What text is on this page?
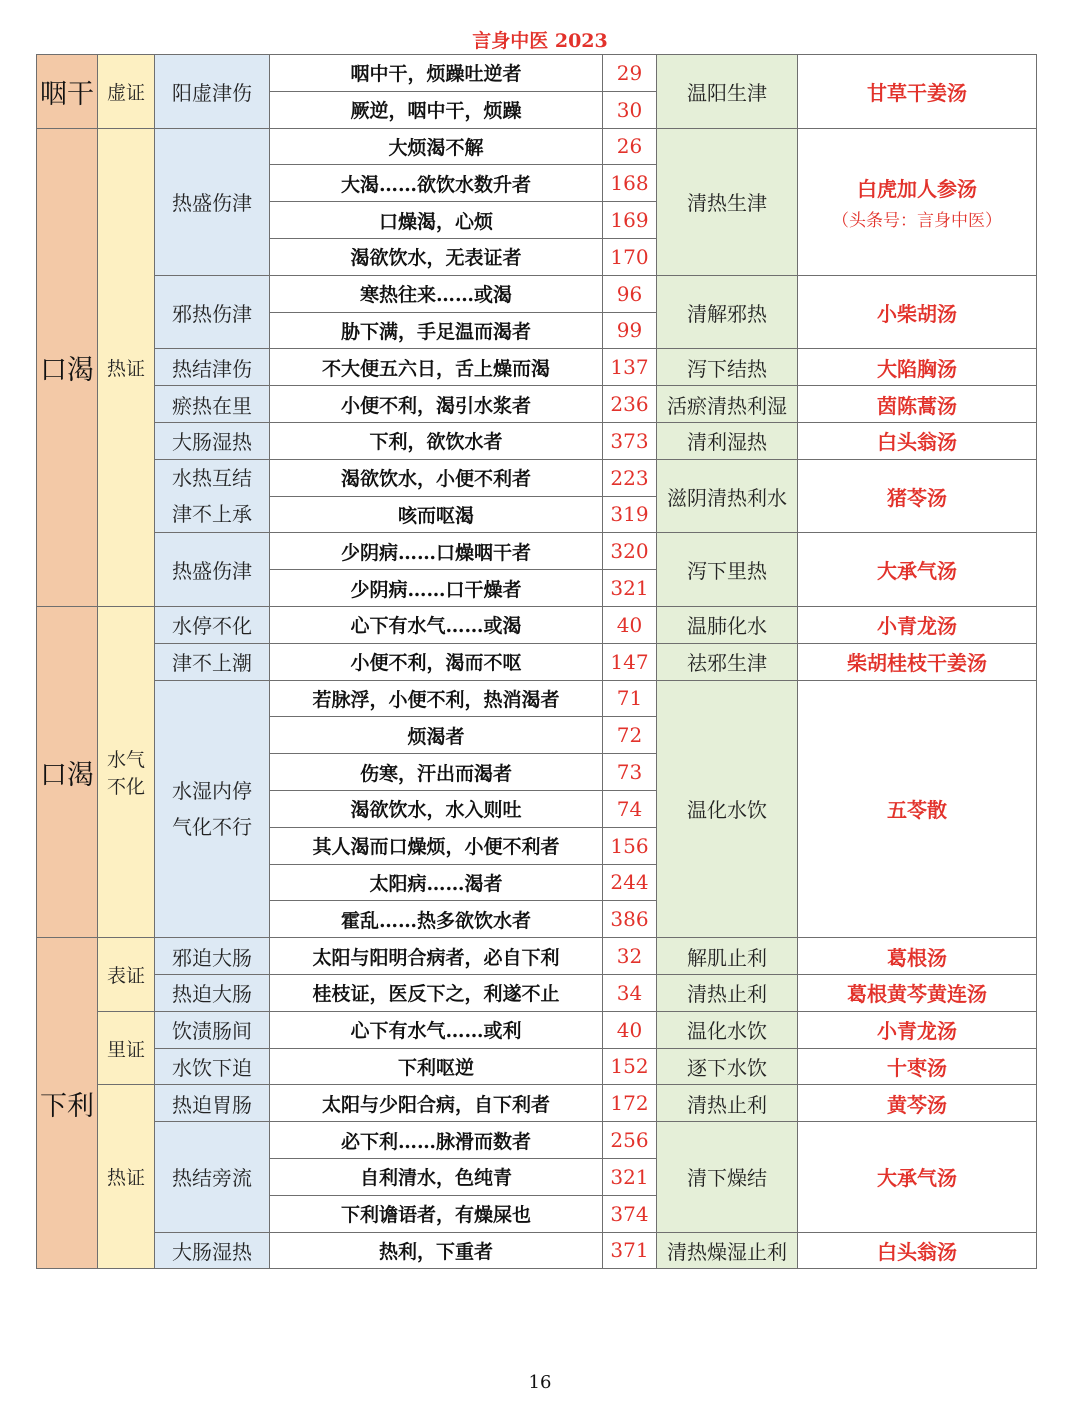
言身中医 2023
咽干	虚证	阳虚津伤	咽中干，烦躁吐逆者	29	温阳生津	甘草干姜汤
			厥逆，咽中干，烦躁	30		
口渴	热证	热盛伤津	大烦渴不解	26	清热生津	白虎加人参汤
（头条号：言身中医）

			大渴……欲饮水数升者	168		
			口燥渴，心烦	169		
			渴欲饮水，无表证者	170		
		邪热伤津	寒热往来……或渴	96	清解邪热	小柴胡汤
			胁下满，手足温而渴者	99		
		热结津伤	不大便五六日，舌上燥而渴	137	泻下结热	大陷胸汤
		瘀热在里	小便不利，渴引水浆者	236	活瘀清热利湿	茵陈蒿汤
		大肠湿热	下利，欲饮水者	373	清利湿热	白头翁汤

		水热互结
津不上承	渴欲饮水，小便不利者	223	滋阴清热利水	猪苓汤
			咳而呕渴	319		
		热盛伤津	少阴病……口燥咽干者	320	泻下里热	大承气汤
			少阴病……口干燥者	321		
口渴	水气
不化	水停不化	心下有水气……或渴	40	温肺化水	小青龙汤
		津不上潮	小便不利，渴而不呕	147	祛邪生津	柴胡桂枝干姜汤

		水湿内停
气化不行	若脉浮，小便不利，热消渴者	71	温化水饮	五苓散
			烦渴者	72		
			伤寒，汗出而渴者	73		
			渴欲饮水，水入则吐	74		
			其人渴而口燥烦，小便不利者	156		
			太阳病……渴者	244		
			霍乱……热多欲饮水者	386		
下利	表证	邪迫大肠	太阳与阳明合病者，必自下利	32	解肌止利	葛根汤
		热迫大肠	桂枝证，医反下之，利遂不止	34	清热止利	葛根黄芩黄连汤
	里证	饮渍肠间	心下有水气……或利	40	温化水饮	小青龙汤
		水饮下迫	下利呕逆	152	逐下水饮	十枣汤
	热证	热迫胃肠	太阳与少阳合病，自下利者	172	清热止利	黄芩汤
		热结旁流	必下利……脉滑而数者	256	清下燥结	大承气汤
			自利清水，色纯青	321		
			下利谵语者，有燥屎也	374		
		大肠湿热	热利，下重者	371	清热燥湿止利	白头翁汤
16
